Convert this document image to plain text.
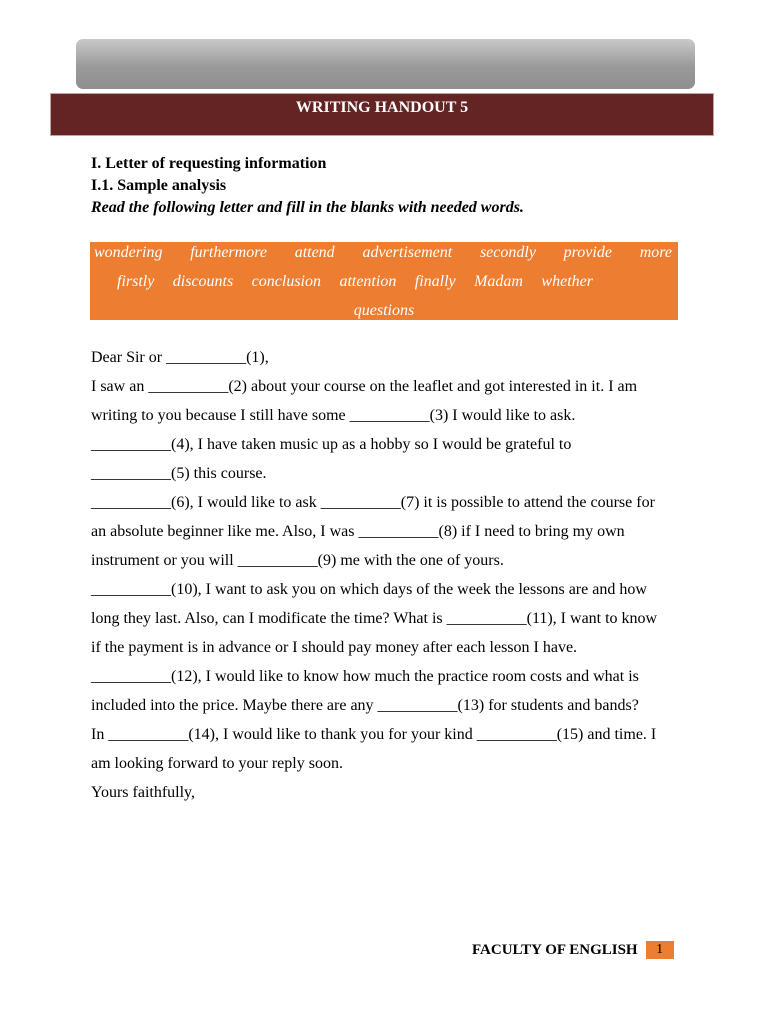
WRITING HANDOUT 5
I. Letter of requesting information
I.1. Sample analysis
Read the following letter and fill in the blanks with needed words.
wondering furthermore attend advertisement secondly provide more
firstly discounts conclusion attention finally Madam whether
questions
Dear Sir or __________(1),
I saw an __________(2) about your course on the leaflet and got interested in it. I am
writing to you because I still have some __________(3) I would like to ask.
__________(4), I have taken music up as a hobby so I would be grateful to
__________(5) this course.
__________(6), I would like to ask __________(7) it is possible to attend the course for
an absolute beginner like me. Also, I was __________(8) if I need to bring my own
instrument or you will __________(9) me with the one of yours.
__________(10), I want to ask you on which days of the week the lessons are and how
long they last. Also, can I modificate the time? What is __________(11), I want to know
if the payment is in advance or I should pay money after each lesson I have.
__________(12), I would like to know how much the practice room costs and what is
included into the price. Maybe there are any __________(13) for students and bands?
In __________(14), I would like to thank you for your kind __________(15) and time. I
am looking forward to your reply soon.
Yours faithfully,
FACULTY OF ENGLISH	1
